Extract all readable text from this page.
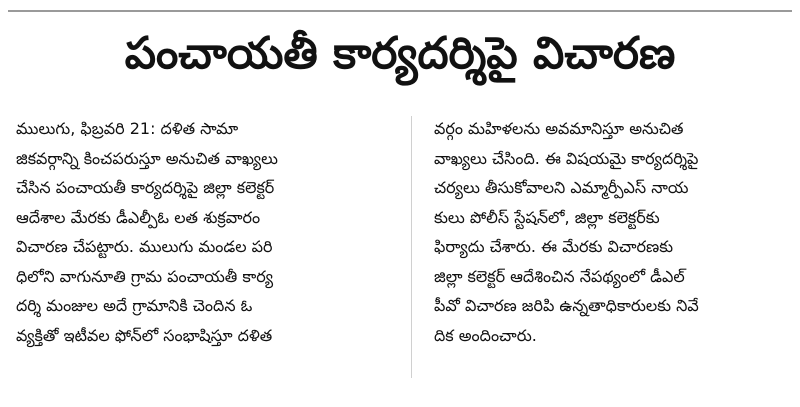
పంచాయతీ కార్యదర్శిపై విచారణ
ములుగు, ఫిబ్రవరి 21: దళిత సామా
జికవర్గాన్ని కించపరుస్తూ అనుచిత వాఖ్యలు
చేసిన పంచాయతీ కార్యదర్శిపై జిల్లా కలెక్టర్
ఆదేశాల మేరకు డీఎల్పీఓ లత శుక్రవారం
విచారణ చేపట్టారు. ములుగు మండల పరి
ధిలోని వాగునూతి గ్రామ పంచాయతీ కార్య
దర్శి మంజుల అదే గ్రామానికి చెందిన ఓ
వ్యక్తితో ఇటీవల ఫోన్‌లో సంభాషిస్తూ దళిత
వర్గం మహిళలను అవమానిస్తూ అనుచిత
వాఖ్యలు చేసింది. ఈ విషయమై కార్యదర్శిపై
చర్యలు తీసుకోవాలని ఎమ్మార్పీఎస్ నాయ
కులు పోలీస్ స్టేషన్‌లో, జిల్లా కలెక్టర్‌కు
ఫిర్యాదు చేశారు. ఈ మేరకు విచారణకు
జిల్లా కలెక్టర్ ఆదేశించిన నేపథ్యంలో డీఎల్
పీవో విచారణ జరిపి ఉన్నతాధికారులకు నివే
దిక అందించారు.
